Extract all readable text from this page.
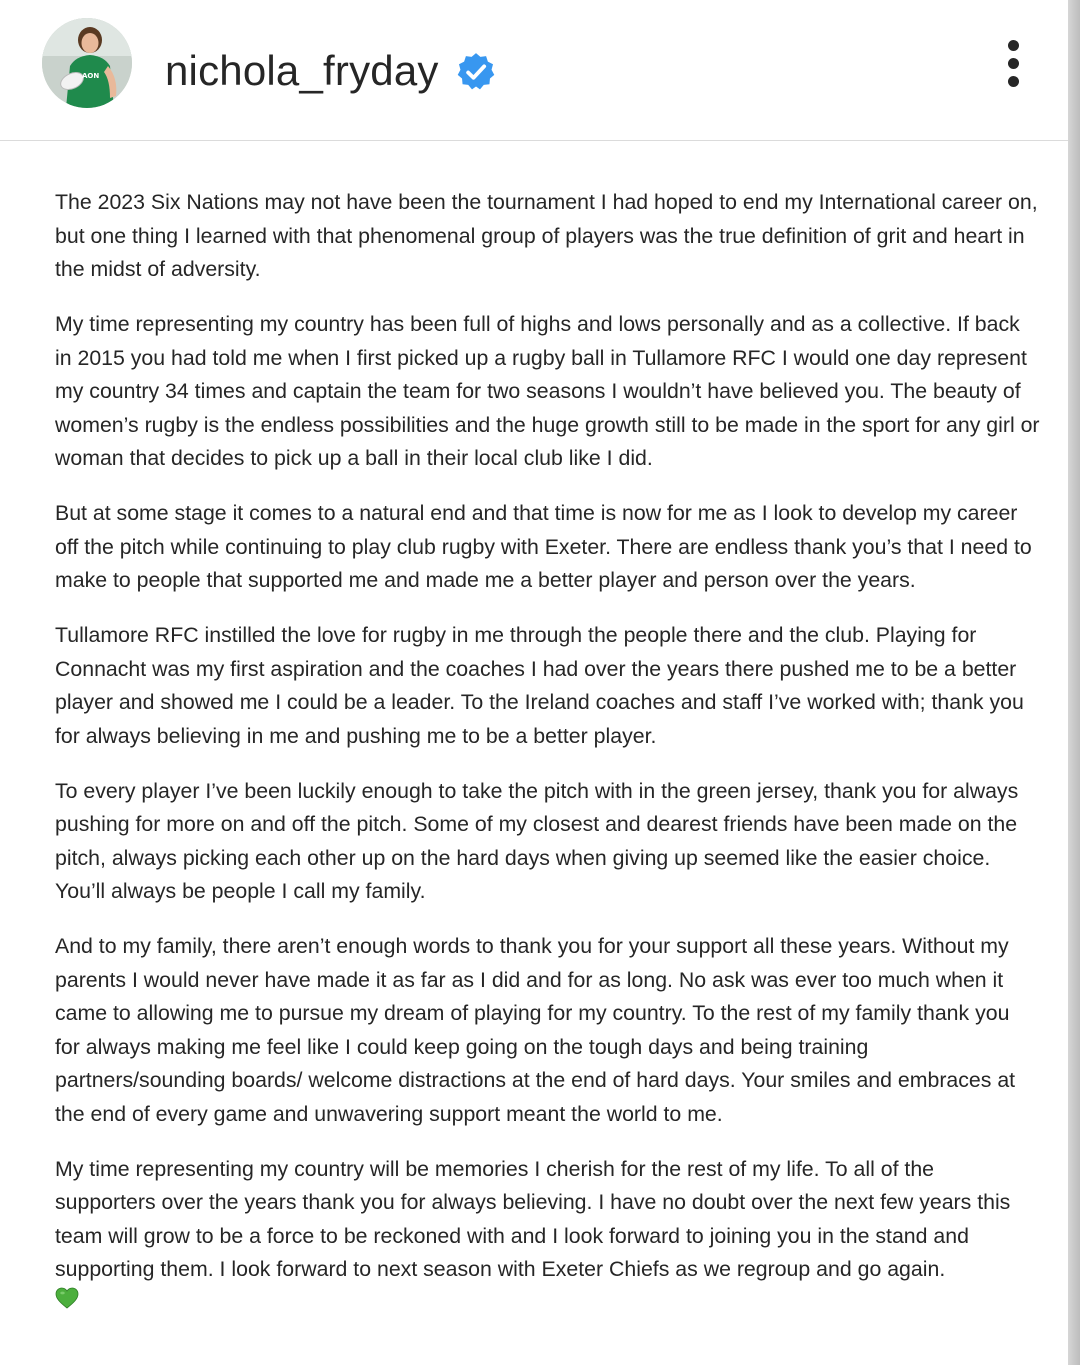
AON nichola_fryday

The 2023 Six Nations may not have been the tournament I had hoped to end my International career on, but one thing I learned with that phenomenal group of players was the true definition of grit and heart in the midst of adversity.

My time representing my country has been full of highs and lows personally and as a collective. If back in 2015 you had told me when I first picked up a rugby ball in Tullamore RFC I would one day represent my country 34 times and captain the team for two seasons I wouldn’t have believed you. The beauty of women’s rugby is the endless possibilities and the huge growth still to be made in the sport for any girl or woman that decides to pick up a ball in their local club like I did.

But at some stage it comes to a natural end and that time is now for me as I look to develop my career off the pitch while continuing to play club rugby with Exeter. There are endless thank you’s that I need to make to people that supported me and made me a better player and person over the years.

Tullamore RFC instilled the love for rugby in me through the people there and the club. Playing for Connacht was my first aspiration and the coaches I had over the years there pushed me to be a better player and showed me I could be a leader. To the Ireland coaches and staff I’ve worked with; thank you for always believing in me and pushing me to be a better player.

To every player I’ve been luckily enough to take the pitch with in the green jersey, thank you for always pushing for more on and off the pitch. Some of my closest and dearest friends have been made on the pitch, always picking each other up on the hard days when giving up seemed like the easier choice. You’ll always be people I call my family.

And to my family, there aren’t enough words to thank you for your support all these years. Without my parents I would never have made it as far as I did and for as long. No ask was ever too much when it came to allowing me to pursue my dream of playing for my country. To the rest of my family thank you for always making me feel like I could keep going on the tough days and being training partners/sounding boards/ welcome distractions at the end of hard days. Your smiles and embraces at the end of every game and unwavering support meant the world to me.

My time representing my country will be memories I cherish for the rest of my life. To all of the supporters over the years thank you for always believing. I have no doubt over the next few years this team will grow to be a force to be reckoned with and I look forward to joining you in the stand and supporting them. I look forward to next season with Exeter Chiefs as we regroup and go again.
